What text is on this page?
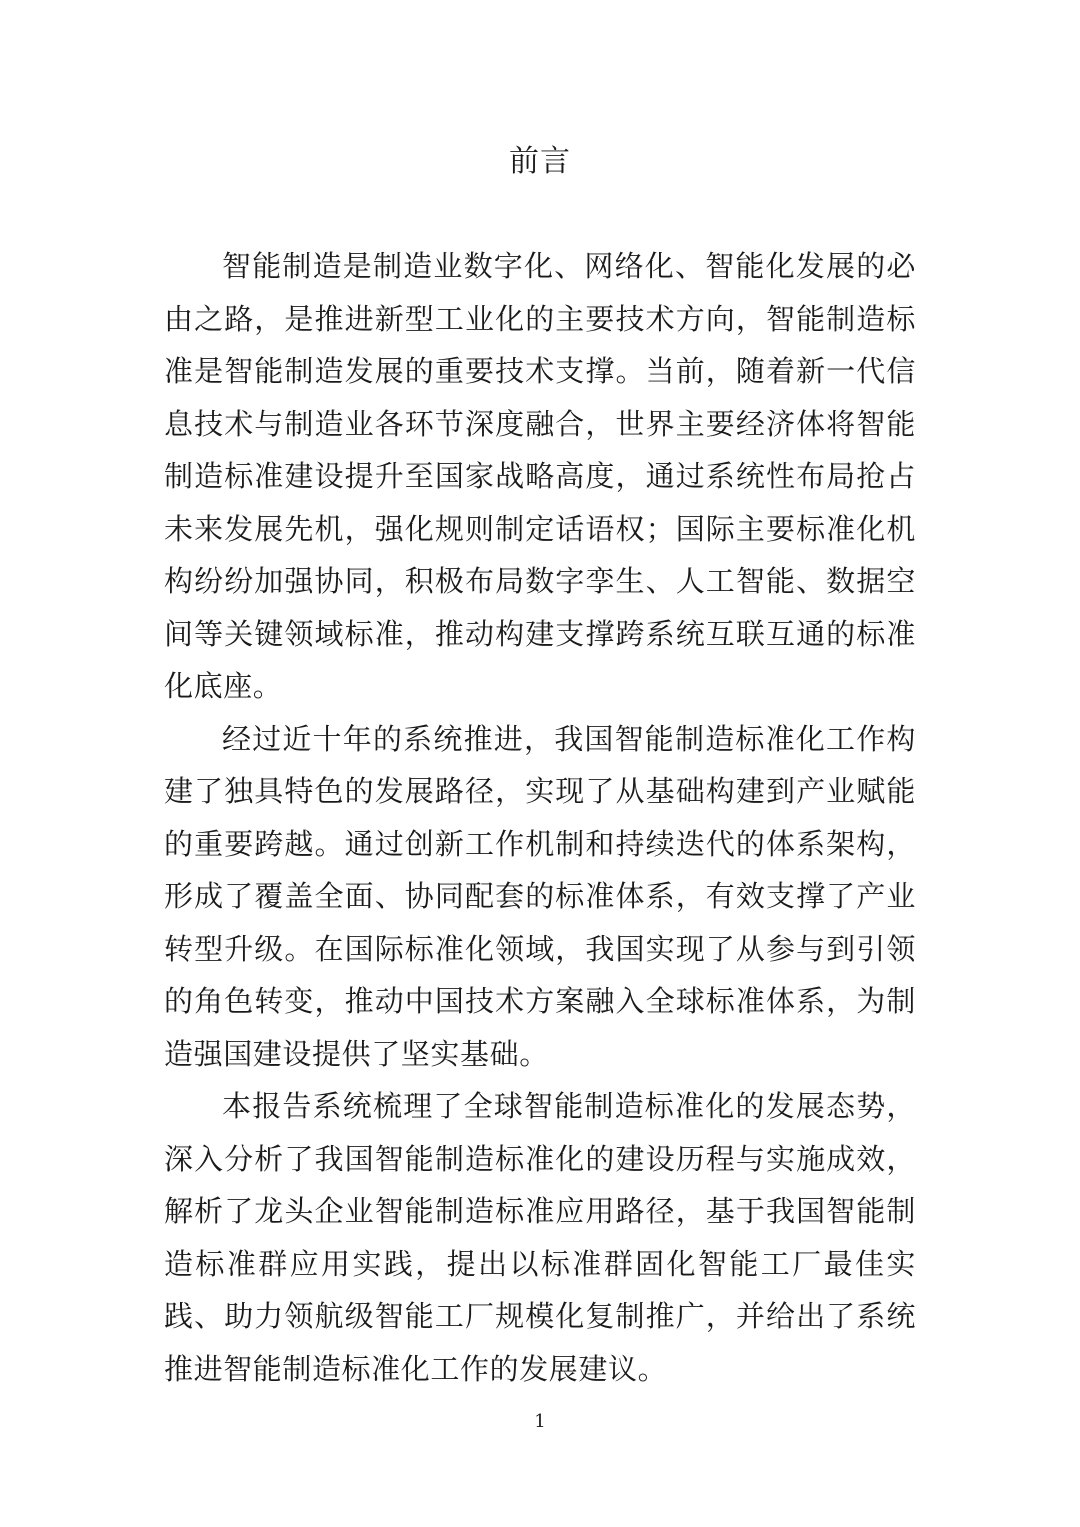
前言

智能制造是制造业数字化、网络化、智能化发展的必由之路，是推进新型工业化的主要技术方向，智能制造标准是智能制造发展的重要技术支撑。当前，随着新一代信息技术与制造业各环节深度融合，世界主要经济体将智能制造标准建设提升至国家战略高度，通过系统性布局抢占未来发展先机，强化规则制定话语权；国际主要标准化机构纷纷加强协同，积极布局数字孪生、人工智能、数据空间等关键领域标准，推动构建支撑跨系统互联互通的标准化底座。

经过近十年的系统推进，我国智能制造标准化工作构建了独具特色的发展路径，实现了从基础构建到产业赋能的重要跨越。通过创新工作机制和持续迭代的体系架构，形成了覆盖全面、协同配套的标准体系，有效支撑了产业转型升级。在国际标准化领域，我国实现了从参与到引领的角色转变，推动中国技术方案融入全球标准体系，为制造强国建设提供了坚实基础。

本报告系统梳理了全球智能制造标准化的发展态势，深入分析了我国智能制造标准化的建设历程与实施成效，解析了龙头企业智能制造标准应用路径，基于我国智能制造标准群应用实践，提出以标准群固化智能工厂最佳实践、助力领航级智能工厂规模化复制推广，并给出了系统推进智能制造标准化工作的发展建议。

1
